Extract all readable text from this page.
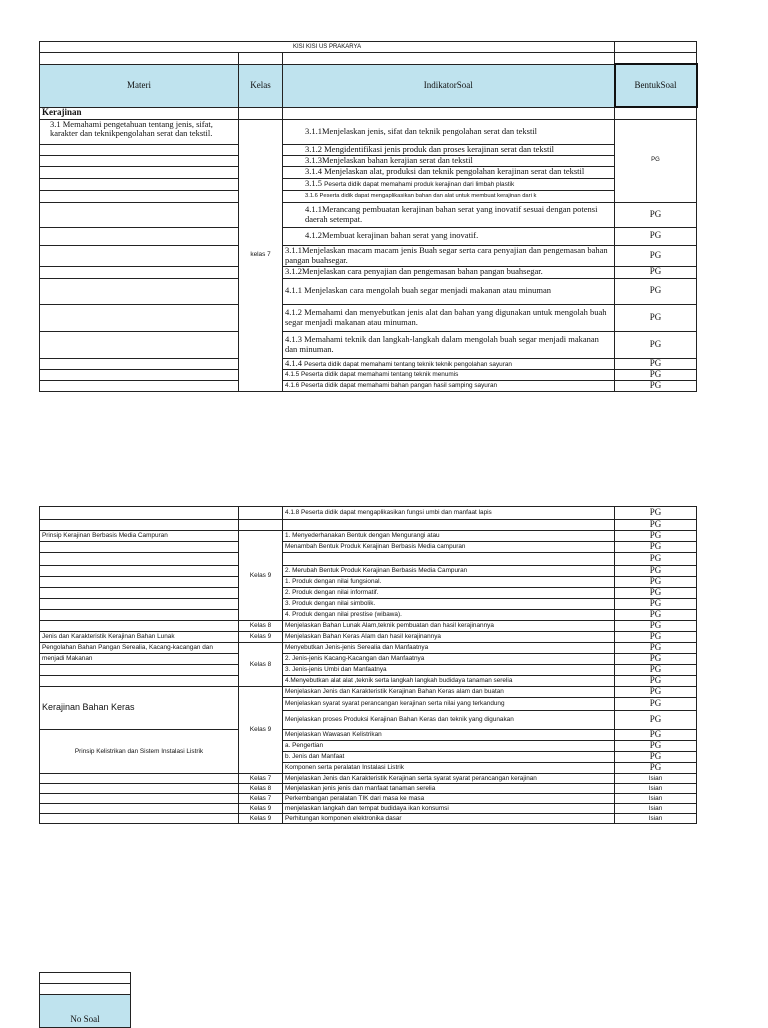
KISI KISI US PRAKARYA			

Materi	Kelas	IndikatorSoal	BentukSoal
Kerajinan			
3.1 Memahami pengetahuan tentang jenis, sifat, karakter dan teknikpengolahan serat dan tekstil.	kelas 7	3.1.1Menjelaskan jenis, sifat dan teknik pengolahan serat dan tekstil	PG
		3.1.2 Mengidentifikasi jenis produk dan proses kerajinan serat dan tekstil	
		3.1.3Menjelaskan bahan kerajian serat dan tekstil	
		3.1.4 Menjelaskan alat, produksi dan teknik pengolahan kerajinan serat dan tekstil	
		3.1.5 Peserta didik dapat memahami produk kerajinan dari limbah plastik	
		3.1.6 Peserta didik dapat mengaplikasikan bahan dan alat untuk membuat kerajinan dari k	
		4.1.1Merancang pembuatan kerajinan bahan serat yang inovatif sesuai dengan potensi daerah setempat.	PG
		4.1.2Membuat kerajinan bahan serat yang inovatif.	PG
		3.1.1Menjelaskan macam macam jenis Buah segar serta cara penyajian dan pengemasan bahan pangan buahsegar.	PG
		3.1.2Menjelaskan cara penyajian dan pengemasan bahan pangan buahsegar.	PG
		4.1.1 Menjelaskan cara mengolah buah segar menjadi makanan atau minuman	PG
		4.1.2 Memahami dan menyebutkan jenis alat dan bahan yang digunakan untuk mengolah buah segar menjadi makanan atau minuman.	PG
		4.1.3 Memahami teknik dan langkah-langkah dalam mengolah buah segar menjadi makanan dan minuman.	PG
		4.1.4 Peserta didik dapat memahami tentang teknik teknik pengolahan sayuran	PG
		4.1.5 Peserta didik dapat memahami tentang teknik menumis	PG
		4.1.6 Peserta didik dapat memahami bahan pangan hasil samping sayuran	PG
		4.1.8 Peserta didik dapat mengaplikasikan fungsi umbi dan manfaat lapis	PG
			PG
Prinsip Kerajinan Berbasis Media Campuran	Kelas 9	1. Menyederhanakan Bentuk dengan Mengurangi atau	PG
		Menambah Bentuk Produk Kerajinan Berbasis Media campuran	PG
			PG
		2. Merubah Bentuk Produk Kerajinan Berbasis Media Campuran	PG
		1. Produk dengan nilai fungsional.	PG
		2. Produk dengan nilai informatif.	PG
		3. Produk dengan nilai simbolik.	PG
		4. Produk dengan nilai prestise (wibawa).	PG
	Kelas 8	Menjelaskan Bahan Lunak Alam,teknik pembuatan dan hasil kerajinannya	PG
Jenis dan Karakteristik Kerajinan Bahan Lunak	Kelas 9	Menjelaskan Bahan Keras Alam dan hasil kerajinannya	PG
Pengolahan Bahan Pangan Serealia, Kacang-kacangan dan	Kelas 8	Menyebutkan Jenis-jenis Serealia dan Manfaatnya	PG
menjadi Makanan		2. Jenis-jenis Kacang-Kacangan dan Manfaatnya	PG
		3. Jenis-jenis Umbi dan Manfaatnya	PG
		4.Menyebutkan alat alat ,teknik serta langkah langkah budidaya tanaman serelia	PG
Kerajinan Bahan Keras	Kelas 9	Menjelaskan Jenis dan Karakteristik Kerajinan Bahan Keras alam dan buatan	PG
		Menjelaskan syarat syarat perancangan kerajinan serta nilai yang terkandung	PG
		Menjelaskan proses Produksi Kerajinan Bahan Keras dan teknik yang digunakan	PG
Prinsip Kelistrikan dan Sistem Instalasi Listrik		Menjelaskan Wawasan Kelistrikan	PG
		a. Pengertian	PG
		b. Jenis dan Manfaat	PG
		Komponen serta peralatan Instalasi Listrik	PG
	Kelas 7	Menjelaskan Jenis dan Karakteristik Kerajinan serta syarat syarat perancangan kerajinan	Isian
	Kelas 8	Menjelaskan jenis jenis dan manfaat tanaman serelia	Isian
	Kelas 7	Perkembangan peralatan TIK dari masa ke masa	Isian
	Kelas 9	menjelaskan langkah dan tempat budidaya ikan konsumsi	Isian
	Kelas 9	Perhitungan komponen elektronika dasar	Isian

No Soal
